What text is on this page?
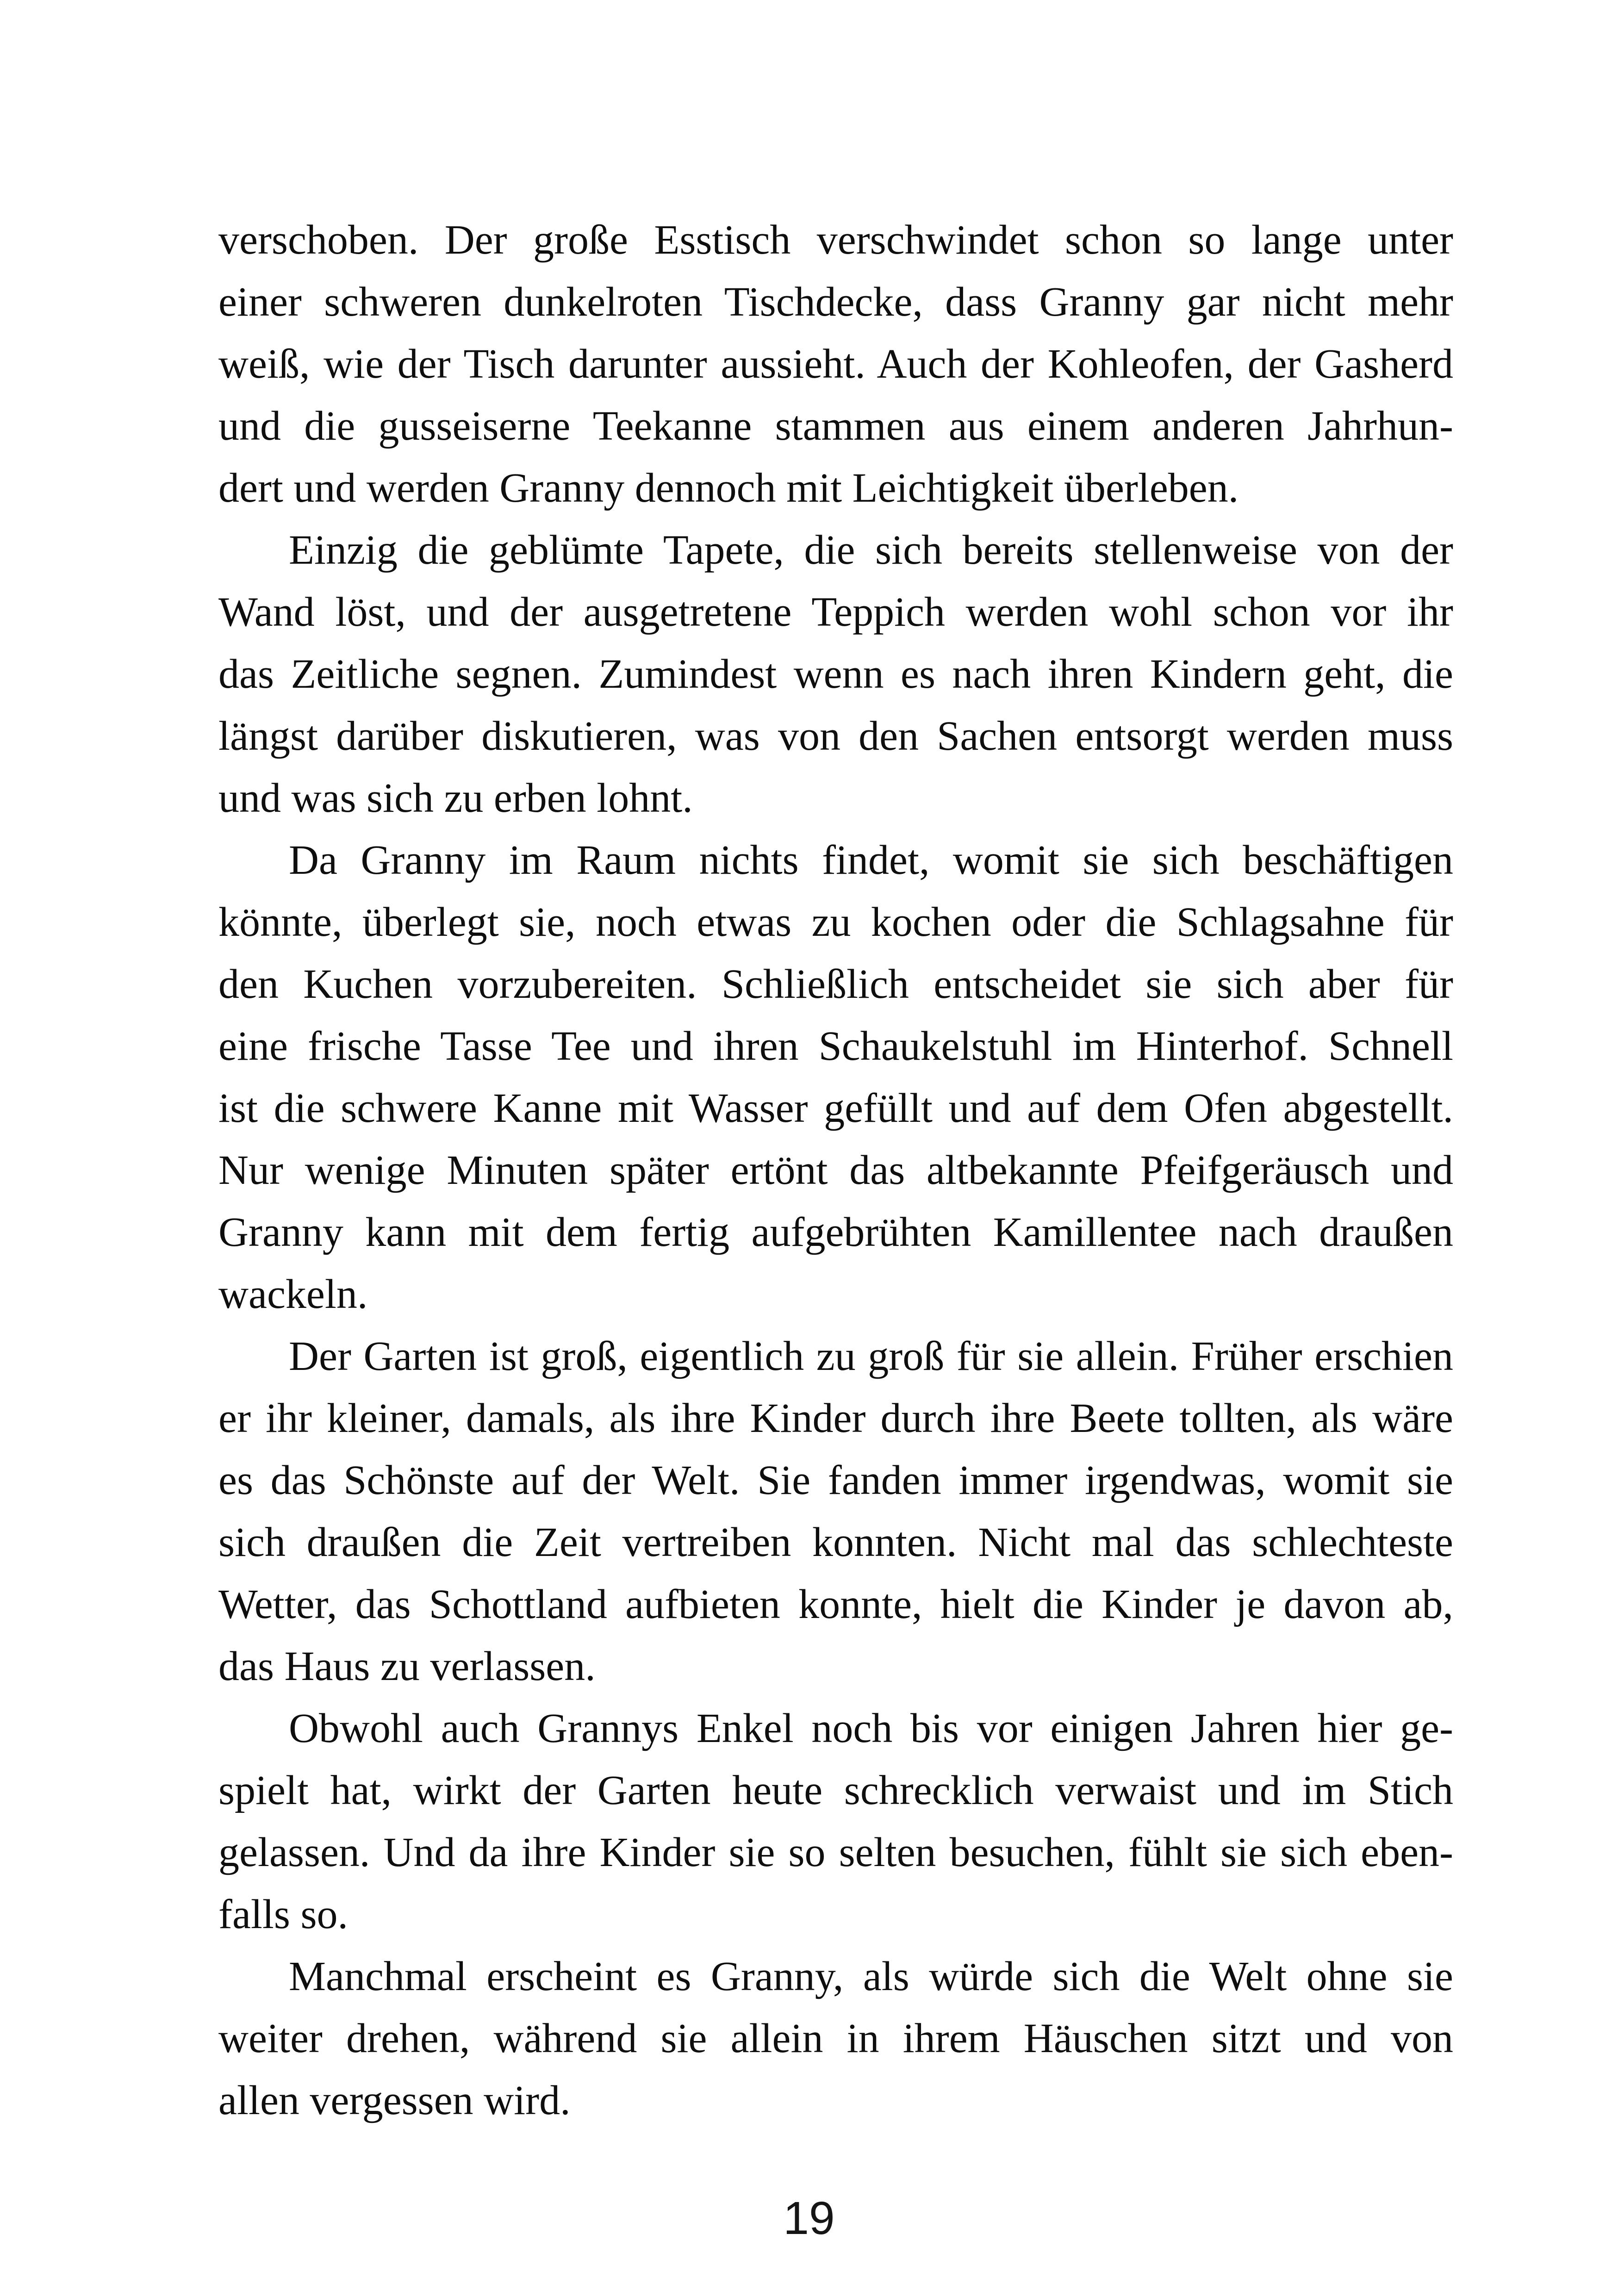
verschoben. Der große Esstisch verschwindet schon so lange unter
einer schweren dunkelroten Tischdecke, dass Granny gar nicht mehr
weiß, wie der Tisch darunter aussieht. Auch der Kohleofen, der Gasherd
und die gusseiserne Teekanne stammen aus einem anderen Jahrhun-
dert und werden Granny dennoch mit Leichtigkeit überleben.
Einzig die geblümte Tapete, die sich bereits stellenweise von der
Wand löst, und der ausgetretene Teppich werden wohl schon vor ihr
das Zeitliche segnen. Zumindest wenn es nach ihren Kindern geht, die
längst darüber diskutieren, was von den Sachen entsorgt werden muss
und was sich zu erben lohnt.
Da Granny im Raum nichts findet, womit sie sich beschäftigen
könnte, überlegt sie, noch etwas zu kochen oder die Schlagsahne für
den Kuchen vorzubereiten. Schließlich entscheidet sie sich aber für
eine frische Tasse Tee und ihren Schaukelstuhl im Hinterhof. Schnell
ist die schwere Kanne mit Wasser gefüllt und auf dem Ofen abgestellt.
Nur wenige Minuten später ertönt das altbekannte Pfeifgeräusch und
Granny kann mit dem fertig aufgebrühten Kamillentee nach draußen
wackeln.
Der Garten ist groß, eigentlich zu groß für sie allein. Früher erschien
er ihr kleiner, damals, als ihre Kinder durch ihre Beete tollten, als wäre
es das Schönste auf der Welt. Sie fanden immer irgendwas, womit sie
sich draußen die Zeit vertreiben konnten. Nicht mal das schlechteste
Wetter, das Schottland aufbieten konnte, hielt die Kinder je davon ab,
das Haus zu verlassen.
Obwohl auch Grannys Enkel noch bis vor einigen Jahren hier ge-
spielt hat, wirkt der Garten heute schrecklich verwaist und im Stich
gelassen. Und da ihre Kinder sie so selten besuchen, fühlt sie sich eben-
falls so.
Manchmal erscheint es Granny, als würde sich die Welt ohne sie
weiter drehen, während sie allein in ihrem Häuschen sitzt und von
allen vergessen wird.
19
